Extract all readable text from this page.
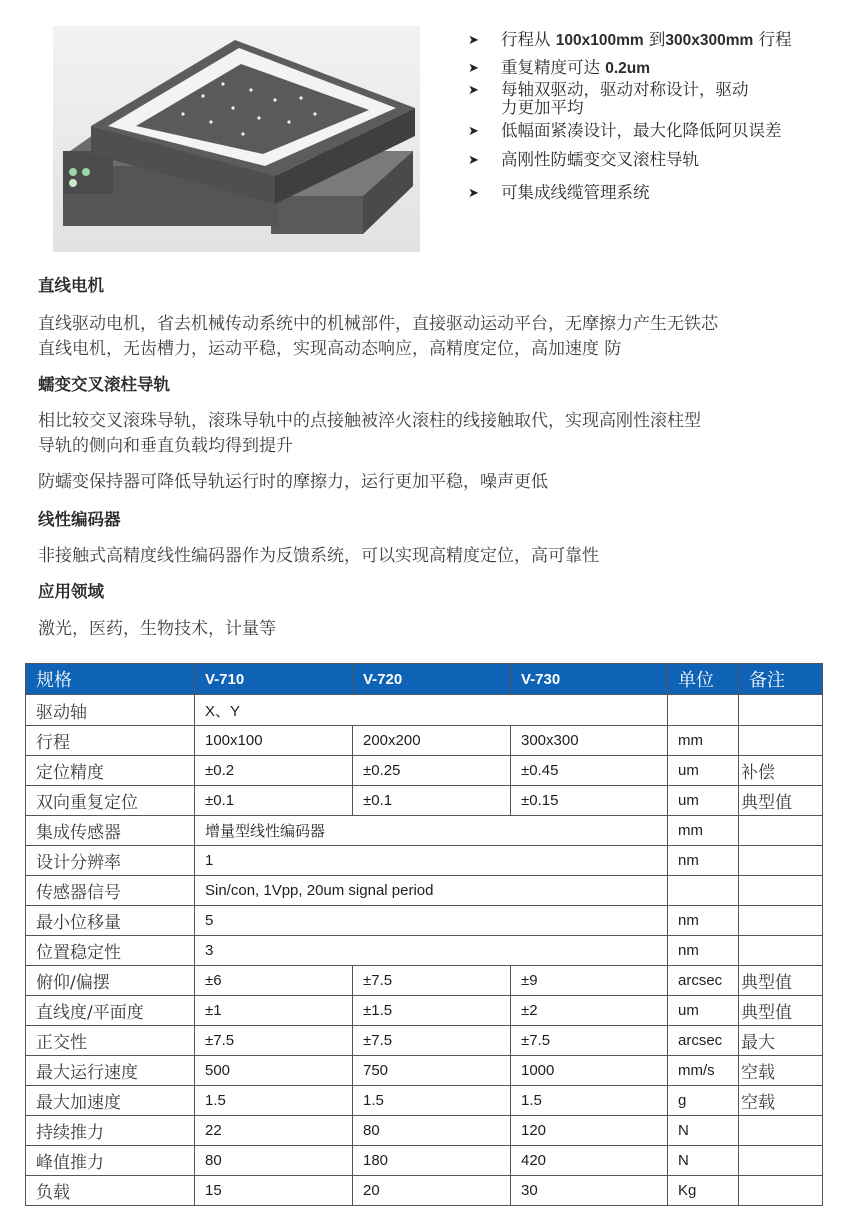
➤ 行程从 100x100mm 到300x300mm 行程
➤ 重复精度可达 0.2um
➤ 每轴双驱动，驱动对称设计，驱动
力更加平均
➤ 低幅面紧凑设计，最大化降低阿贝误差
➤ 高刚性防蠕变交叉滚柱导轨
➤ 可集成线缆管理系统
直线电机
直线驱动电机，省去机械传动系统中的机械部件，直接驱动运动平台，无摩擦力产生无铁芯
直线电机，无齿槽力，运动平稳，实现高动态响应，高精度定位，高加速度 防
蠕变交叉滚柱导轨
相比较交叉滚珠导轨，滚珠导轨中的点接触被淬火滚柱的线接触取代，实现高刚性滚柱型
导轨的侧向和垂直负载均得到提升
防蠕变保持器可降低导轨运行时的摩擦力，运行更加平稳，噪声更低
线性编码器
非接触式高精度线性编码器作为反馈系统，可以实现高精度定位，高可靠性
应用领域
激光，医药，生物技术，计量等
规格	V-710	V-720	V-730	单位	备注
驱动轴	X、Y				
行程	100x100	200x200	300x300	mm	
定位精度	±0.2	±0.25	±0.45	um	补偿
双向重复定位	±0.1	±0.1	±0.15	um	典型值
集成传感器	增量型线性编码器			mm	
设计分辨率	1			nm	
传感器信号	Sin/con, 1Vpp, 20um signal period				
最小位移量	5			nm	
位置稳定性	3			nm	
俯仰/偏摆	±6	±7.5	±9	arcsec	典型值
直线度/平面度	±1	±1.5	±2	um	典型值
正交性	±7.5	±7.5	±7.5	arcsec	最大
最大运行速度	500	750	1000	mm/s	空载
最大加速度	1.5	1.5	1.5	g	空载
持续推力	22	80	120	N	
峰值推力	80	180	420	N	
负载	15	20	30	Kg	
